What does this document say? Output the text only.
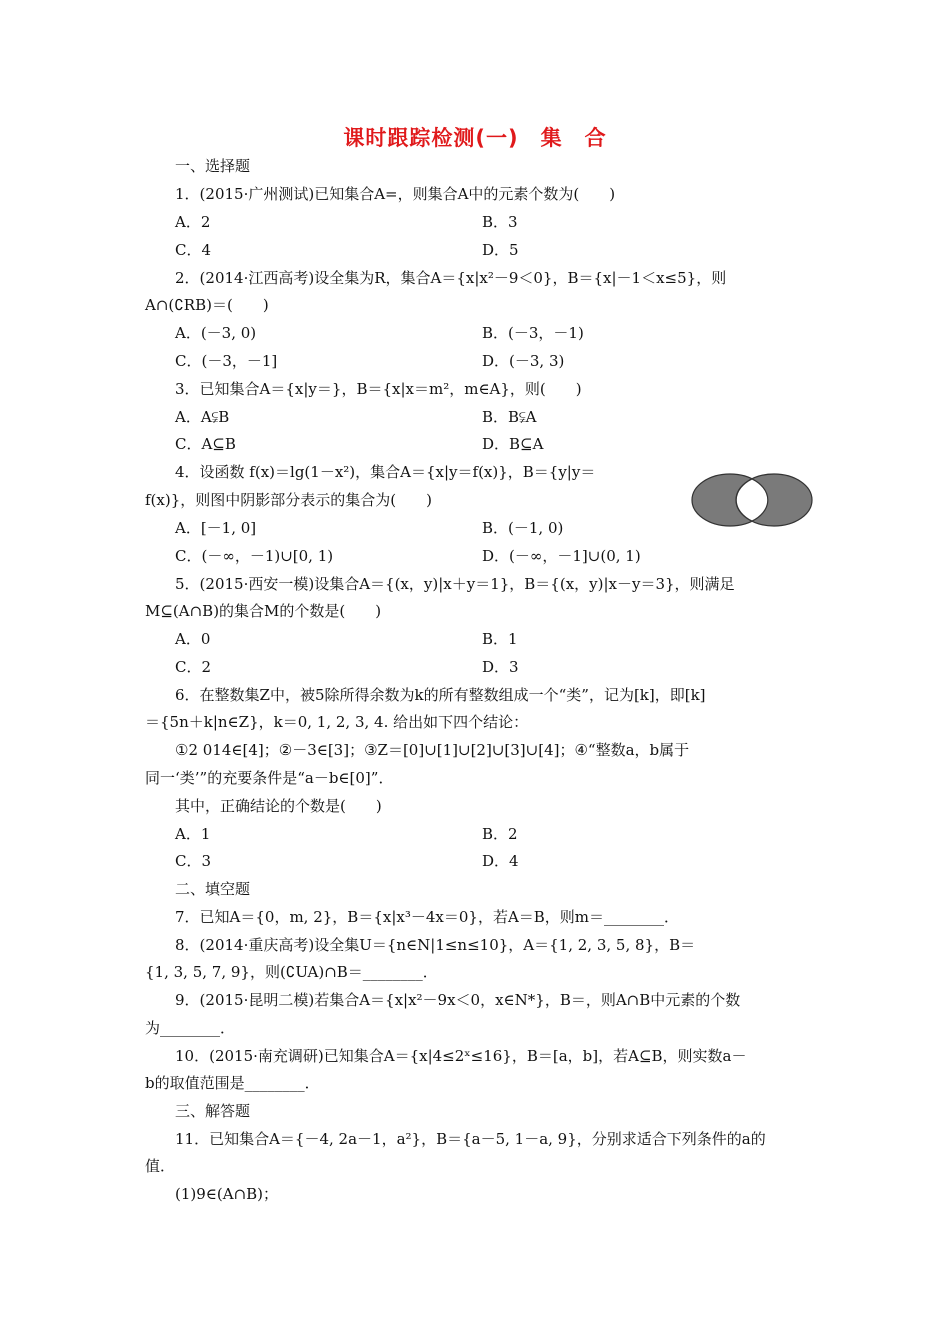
课时跟踪检测(一)　集　合
一、选择题
1．(2015·广州测试)已知集合A=，则集合A中的元素个数为(　　)
A．2	B．3
C．4	D．5
2．(2014·江西高考)设全集为R，集合A＝{x|x²－9＜0}，B＝{x|－1＜x≤5}，则
A∩(∁RB)＝(　　)
A．(－3, 0)	B．(－3，－1)
C．(－3，－1]	D．(－3, 3)
3．已知集合A＝{x|y＝}，B＝{x|x＝m²，m∈A}，则(　　)
A．A⫋B	B．B⫋A
C．A⊆B	D．B⊆A
4．设函数 f(x)＝lg(1－x²)，集合A＝{x|y＝f(x)}，B＝{y|y＝
f(x)}，则图中阴影部分表示的集合为(　　)
A．[－1, 0]	B．(－1, 0)
C．(－∞，－1)∪[0, 1)	D．(－∞，－1]∪(0, 1)
5．(2015·西安一模)设集合A＝{(x，y)|x＋y＝1}，B＝{(x，y)|x－y＝3}，则满足
M⊆(A∩B)的集合M的个数是(　　)
A．0	B．1
C．2	D．3
6．在整数集Z中，被5除所得余数为k的所有整数组成一个“类”，记为[k]，即[k]
＝{5n＋k|n∈Z}，k＝0, 1, 2, 3, 4. 给出如下四个结论：
①2 014∈[4]；②－3∈[3]；③Z＝[0]∪[1]∪[2]∪[3]∪[4]；④“整数a，b属于
同一‘类’”的充要条件是“a－b∈[0]”．
其中，正确结论的个数是(　　)
A．1	B．2
C．3	D．4
二、填空题
7．已知A＝{0，m, 2}，B＝{x|x³－4x＝0}，若A＝B，则m＝________．
8．(2014·重庆高考)设全集U＝{n∈N|1≤n≤10}，A＝{1, 2, 3, 5, 8}，B＝
{1, 3, 5, 7, 9}，则(∁UA)∩B＝________．
9．(2015·昆明二模)若集合A＝{x|x²－9x＜0，x∈N*}，B＝，则A∩B中元素的个数
为________．
10．(2015·南充调研)已知集合A＝{x|4≤2ˣ≤16}，B＝[a，b]，若A⊆B，则实数a－
b的取值范围是________．
三、解答题
11．已知集合A＝{－4, 2a－1，a²}，B＝{a－5, 1－a, 9}，分别求适合下列条件的a的
值．
(1)9∈(A∩B)；
